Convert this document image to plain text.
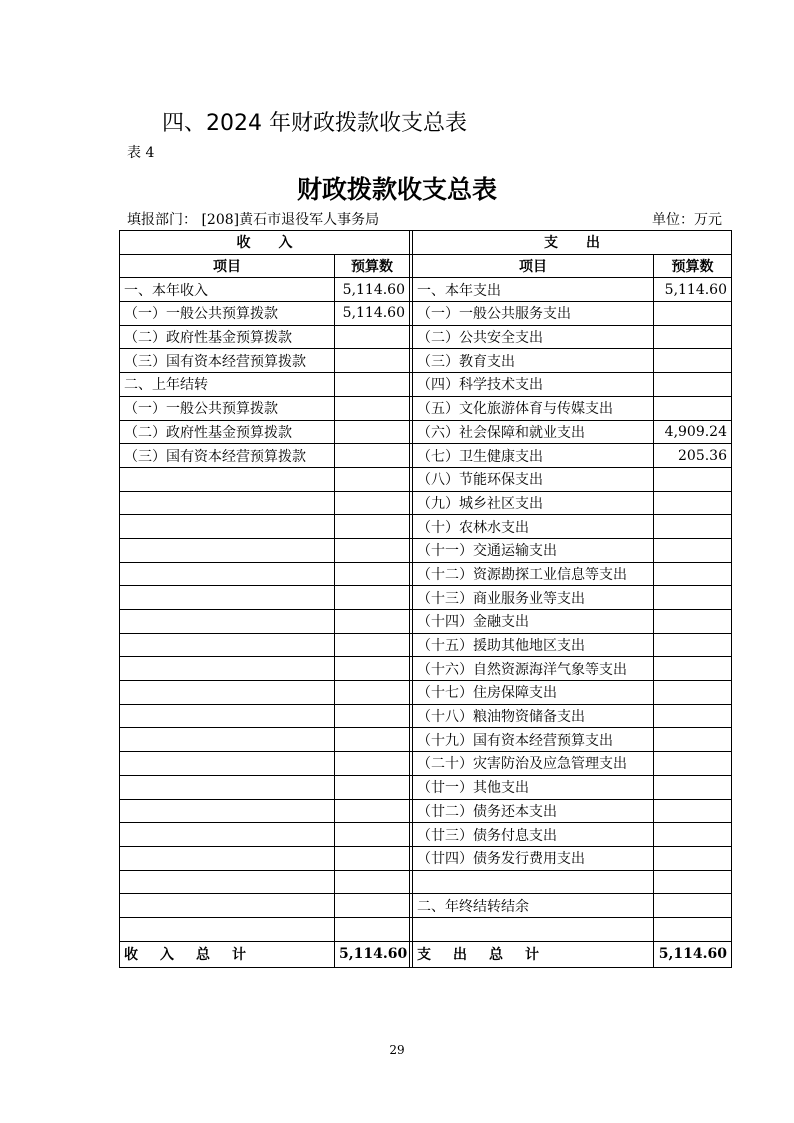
四、2024 年财政拨款收支总表
表 4
财政拨款收支总表
填报部门： [208]黄石市退役军人事务局	单位：万元
收　　入			支　　出	
项目	预算数		项目	预算数
一、本年收入	5,114.60		一、本年支出	5,114.60
（一）一般公共预算拨款	5,114.60		（一）一般公共服务支出	
（二）政府性基金预算拨款			（二）公共安全支出	
（三）国有资本经营预算拨款			（三）教育支出	
二、上年结转			（四）科学技术支出	
（一）一般公共预算拨款			（五）文化旅游体育与传媒支出	
（二）政府性基金预算拨款			（六）社会保障和就业支出	4,909.24
（三）国有资本经营预算拨款			（七）卫生健康支出	205.36
			（八）节能环保支出	
			（九）城乡社区支出	
			（十）农林水支出	
			（十一）交通运输支出	
			（十二）资源勘探工业信息等支出	
			（十三）商业服务业等支出	
			（十四）金融支出	
			（十五）援助其他地区支出	
			（十六）自然资源海洋气象等支出	
			（十七）住房保障支出	
			（十八）粮油物资储备支出	
			（十九）国有资本经营预算支出	
			（二十）灾害防治及应急管理支出	
			（廿一）其他支出	
			（廿二）债务还本支出	
			（廿三）债务付息支出	
			（廿四）债务发行费用支出	

			二、年终结转结余	

收　入　总　计	5,114.60		支　出　总　计	5,114.60
29
